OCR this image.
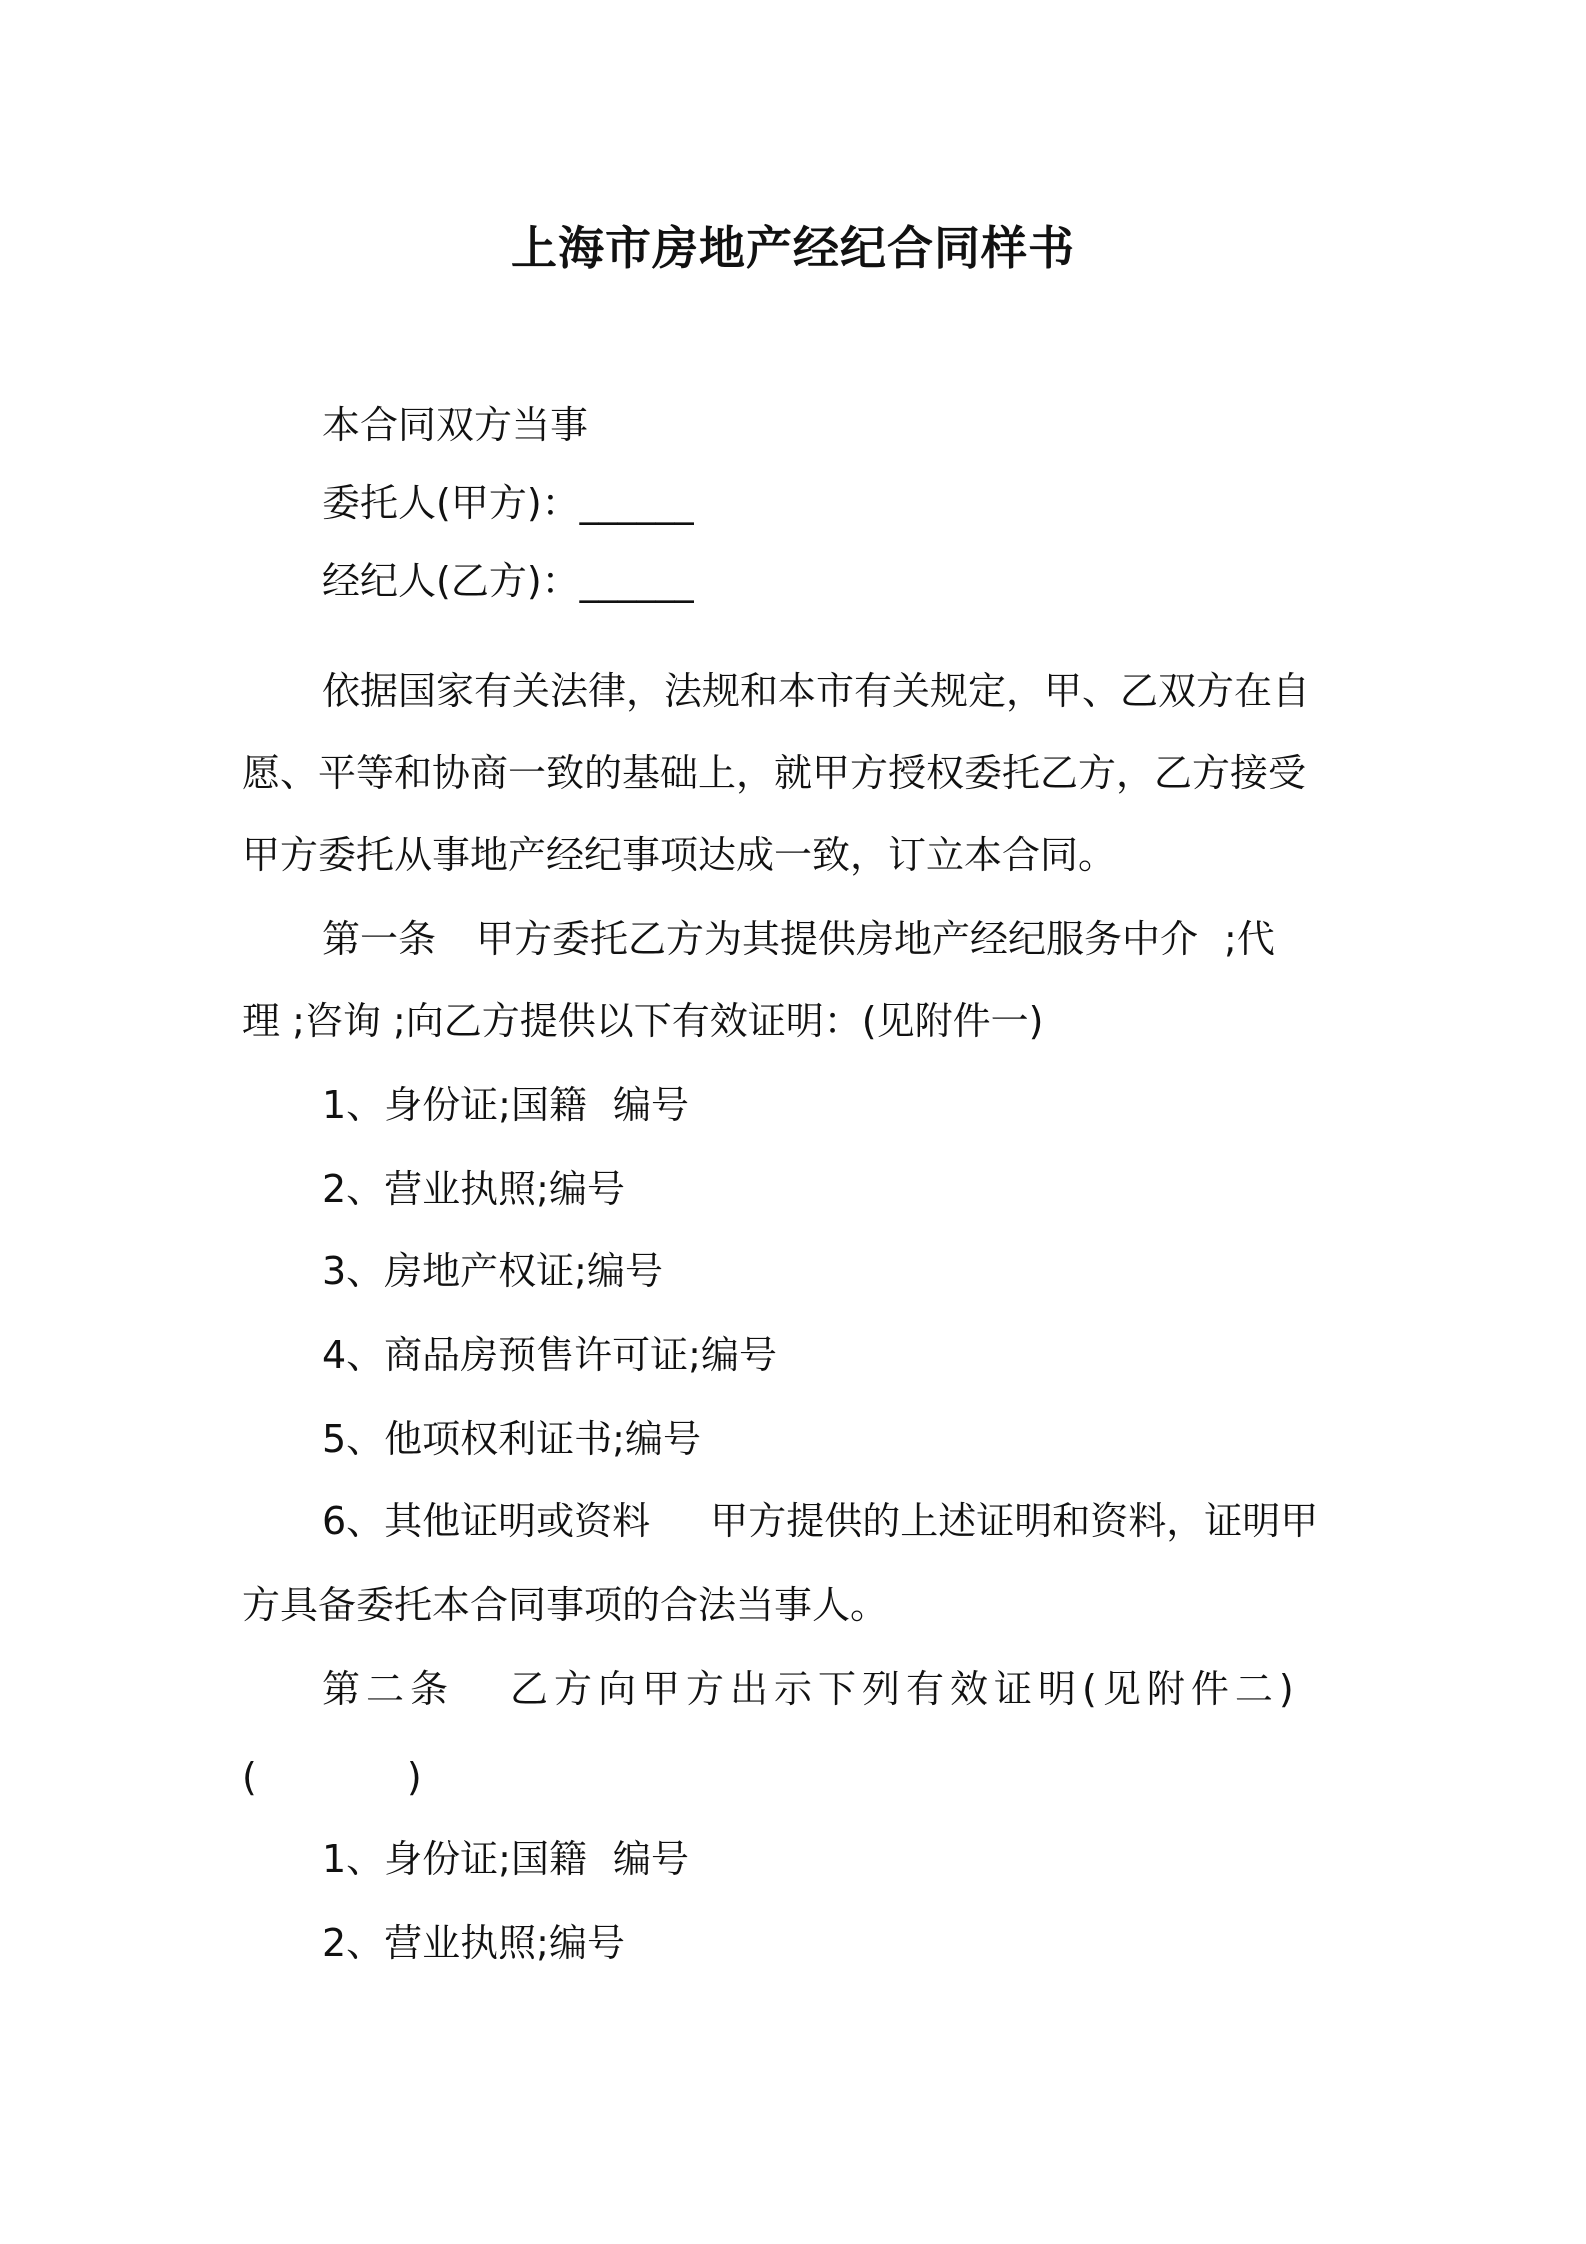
上海市房地产经纪合同样书
本合同双方当事
委托人(甲方)：______
经纪人(乙方)：______
依据国家有关法律，法规和本市有关规定，甲、乙双方在自
愿、平等和协商一致的基础上，就甲方授权委托乙方，乙方接受
甲方委托从事地产经纪事项达成一致，订立本合同。
第一条 甲方委托乙方为其提供房地产经纪服务中介 ;代
理 ;咨询 ;向乙方提供以下有效证明：(见附件一)
1、身份证;国籍 编号
2、营业执照;编号
3、房地产权证;编号
4、商品房预售许可证;编号
5、他项权利证书;编号
6、其他证明或资料 甲方提供的上述证明和资料，证明甲
方具备委托本合同事项的合法当事人。
第二条 乙方向甲方出示下列有效证明(见附件二)
(	)
1、身份证;国籍 编号
2、营业执照;编号
